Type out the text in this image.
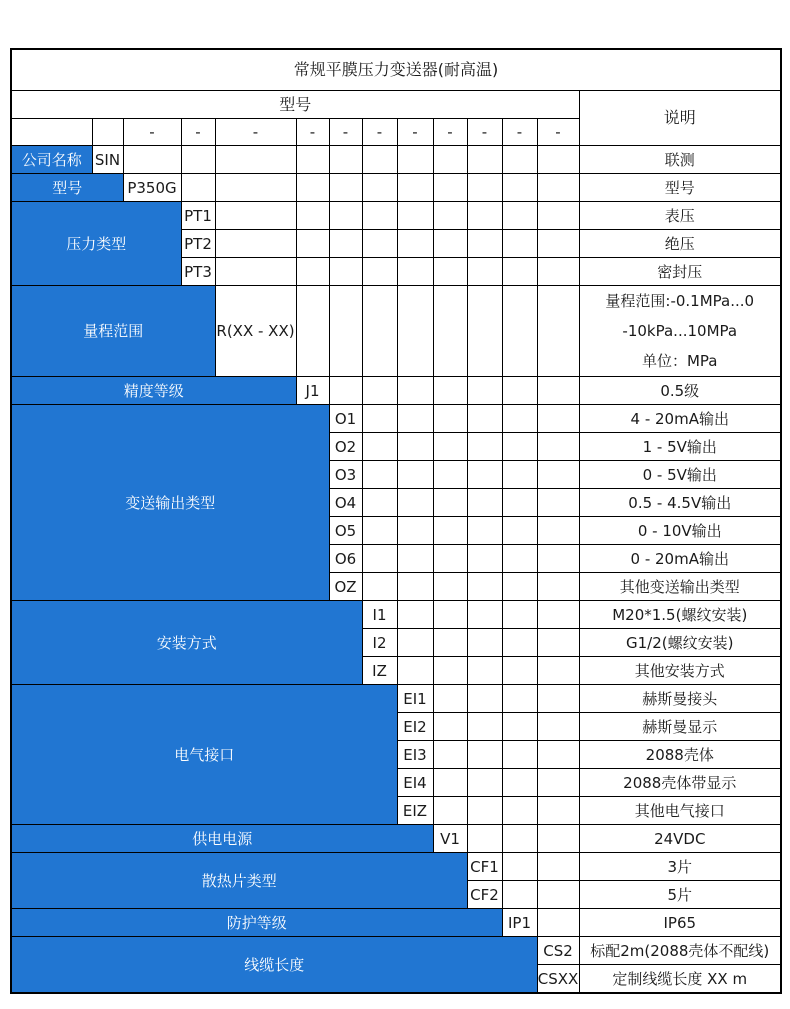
常规平膜压力变送器(耐高温)													
型号													说明
		-	-	-	-	-	-	-	-	-	-	-	
公司名称	SIN												联测
型号		P350G											型号
压力类型			PT1										表压
			PT2										绝压
			PT3										密封压
量程范围				R(XX - XX)									量程范围:-0.1MPa...0
-10kPa...10MPa
单位：MPa

精度等级					J1								0.5级
变送输出类型						O1							4 - 20mA输出
						O2							1 - 5V输出
						O3							0 - 5V输出
						O4							0.5 - 4.5V输出
						O5							0 - 10V输出
						O6							0 - 20mA输出
						OZ							其他变送输出类型
安装方式							I1						M20*1.5(螺纹安装)
							I2						G1/2(螺纹安装)
							IZ						其他安装方式
电气接口								EI1					赫斯曼接头
								EI2					赫斯曼显示
								EI3					2088壳体
								EI4					2088壳体带显示
								EIZ					其他电气接口
供电电源									V1				24VDC
散热片类型										CF1			3片
										CF2			5片
防护等级											IP1		IP65
线缆长度												CS2	标配2m(2088壳体不配线)
												CSXX	定制线缆长度 XX m
